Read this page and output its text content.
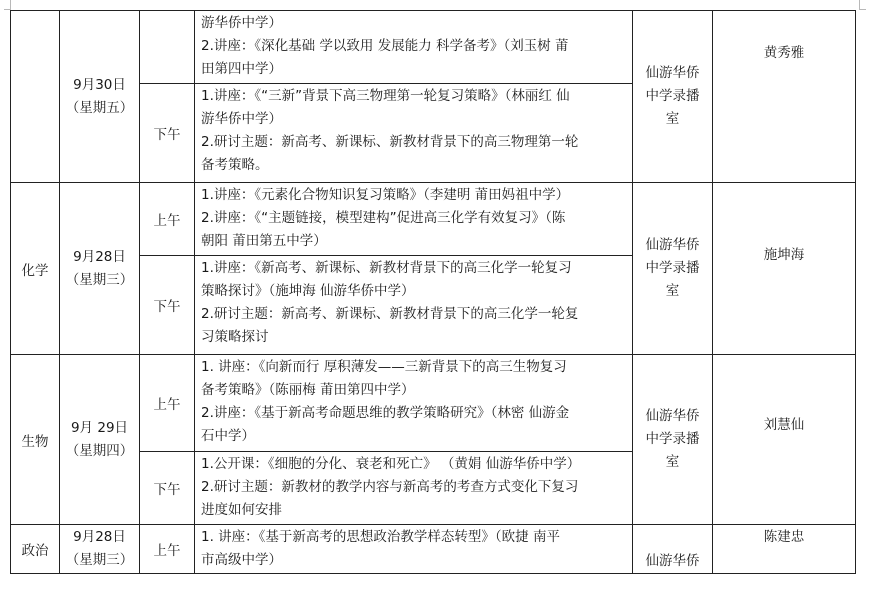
	9月30日
（星期五）		游华侨中学）
2.讲座：《深化基础 学以致用 发展能力 科学备考》（刘玉树 莆
田第四中学）	仙游华侨
中学录播
室	黄秀雅
		下午	1.讲座：《“三新”背景下高三物理第一轮复习策略》（林丽红 仙
游华侨中学）
2.研讨主题：新高考、新课标、新教材背景下的高三物理第一轮
备考策略。		

化学	9月28日
（星期三）	上午	1.讲座：《元素化合物知识复习策略》（李建明 莆田妈祖中学）
2.讲座：《“主题链接，模型建构”促进高三化学有效复习》（陈
朝阳 莆田第五中学）	仙游华侨
中学录播
室	施坤海
		下午	1.讲座：《新高考、新课标、新教材背景下的高三化学一轮复习
策略探讨》（施坤海 仙游华侨中学）
2.研讨主题：新高考、新课标、新教材背景下的高三化学一轮复
习策略探讨		

生物	9月 29日
（星期四）	上午	1. 讲座：《向新而行 厚积薄发——三新背景下的高三生物复习
备考策略》（陈丽梅 莆田第四中学）
2.讲座：《基于新高考命题思维的教学策略研究》（林密 仙游金
石中学）	仙游华侨
中学录播
室	刘慧仙
		下午	1.公开课：《细胞的分化、衰老和死亡》 （黄娟 仙游华侨中学）
2.研讨主题：新教材的教学内容与新高考的考查方式变化下复习
进度如何安排		

政治	9月28日
（星期三）	上午	1. 讲座：《基于新高考的思想政治教学样态转型》（欧捷 南平
市高级中学）	仙游华侨	陈建忠
